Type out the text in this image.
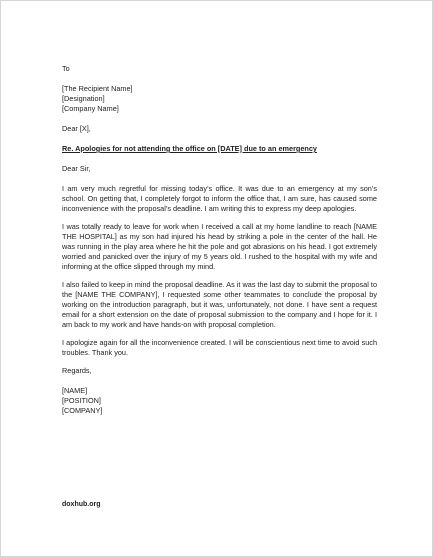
To
[The Recipient Name]
[Designation]
[Company Name]
Dear [X],
Re. Apologies for not attending the office on [DATE] due to an emergency
Dear Sir,
I am very much regretful for missing today’s office. It was due to an emergency at my son’s school. On getting that, I completely forgot to inform the office that, I am sure, has caused some inconvenience with the proposal’s deadline. I am writing this to express my deep apologies.
I was totally ready to leave for work when I received a call at my home landline to reach [NAME THE HOSPITAL] as my son had injured his head by striking a pole in the center of the hall. He was running in the play area where he hit the pole and got abrasions on his head. I got extremely worried and panicked over the injury of my 5 years old. I rushed to the hospital with my wife and informing at the office slipped through my mind.
I also failed to keep in mind the proposal deadline. As it was the last day to submit the proposal to the [NAME THE COMPANY], I requested some other teammates to conclude the proposal by working on the introduction paragraph, but it was, unfortunately, not done. I have sent a request email for a short extension on the date of proposal submission to the company and I hope for it. I am back to my work and have hands-on with proposal completion.
I apologize again for all the inconvenience created. I will be conscientious next time to avoid such troubles. Thank you.
Regards,
[NAME]
[POSITION]
[COMPANY]
doxhub.org
